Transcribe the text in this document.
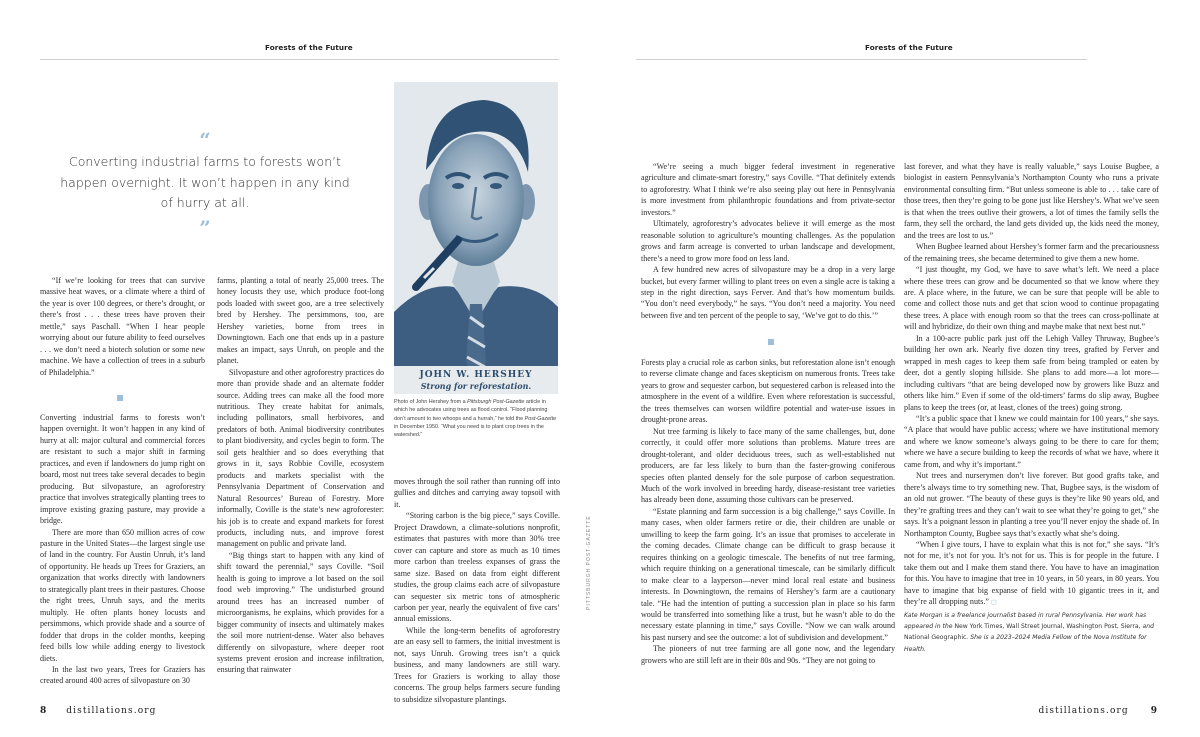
Forests of the Future
“
Converting industrial farms to forests won’t happen overnight. It won’t happen in any kind of hurry at all.
”

“If we’re looking for trees that can survive massive heat waves, or a climate where a third of the year is over 100 degrees, or there’s drought, or there’s frost . . . these trees have proven their mettle,” says Paschall. “When I hear people worrying about our future ability to feed ourselves . . . we don’t need a biotech solution or some new machine. We have a collection of trees in a suburb of Philadelphia.”

Converting industrial farms to forests won’t happen overnight. It won’t happen in any kind of hurry at all: major cultural and commercial forces are resistant to such a major shift in farming practices, and even if landowners do jump right on board, most nut trees take several decades to begin producing. But silvopasture, an agroforestry practice that involves strategically planting trees to improve existing grazing pasture, may provide a bridge.

There are more than 650 million acres of cow pasture in the United States—the largest single use of land in the country. For Austin Unruh, it’s land of opportunity. He heads up Trees for Graziers, an organization that works directly with landowners to strategically plant trees in their pastures. Choose the right trees, Unruh says, and the merits multiply. He often plants honey locusts and persimmons, which provide shade and a source of fodder that drops in the colder months, keeping feed bills low while adding energy to livestock diets.

In the last two years, Trees for Graziers has created around 400 acres of silvopasture on 30

farms, planting a total of nearly 25,000 trees. The honey locusts they use, which produce foot-long pods loaded with sweet goo, are a tree selectively bred by Hershey. The persimmons, too, are Hershey varieties, borne from trees in Downingtown. Each one that ends up in a pasture makes an impact, says Unruh, on people and the planet.

Silvopasture and other agroforestry practices do more than provide shade and an alternate fodder source. Adding trees can make all the food more nutritious. They create habitat for animals, including pollinators, small herbivores, and predators of both. Animal biodiversity contributes to plant biodiversity, and cycles begin to form. The soil gets healthier and so does everything that grows in it, says Robbie Coville, ecosystem products and markets specialist with the Pennsylvania Department of Conservation and Natural Resources’ Bureau of Forestry. More informally, Coville is the state’s new agroforester: his job is to create and expand markets for forest products, including nuts, and improve forest management on public and private land.

“Big things start to happen with any kind of shift toward the perennial,” says Coville. “Soil health is going to improve a lot based on the soil food web improving.” The undisturbed ground around trees has an increased number of microorganisms, he explains, which provides for a bigger community of insects and ultimately makes the soil more nutrient-dense. Water also behaves differently on silvopasture, where deeper root systems prevent erosion and increase infiltration, ensuring that rainwater

JOHN W. HERSHEY
Strong for reforestation.
Photo of John Hershey from a Pittsburgh Post-Gazette article in which he advocates using trees as flood control. “Flood planning don’t amount to two whoops and a hurrah,” he told the Post-Gazette in December 1950. “What you need is to plant crop trees in the watershed.”
PITTSBURGH POST-GAZETTE

moves through the soil rather than running off into gullies and ditches and carrying away topsoil with it.

“Storing carbon is the big piece,” says Coville. Project Drawdown, a climate-solutions nonprofit, estimates that pastures with more than 30% tree cover can capture and store as much as 10 times more carbon than treeless expanses of grass the same size. Based on data from eight different studies, the group claims each acre of silvopasture can sequester six metric tons of atmospheric carbon per year, nearly the equivalent of five cars’ annual emissions.

While the long-term benefits of agroforestry are an easy sell to farmers, the initial investment is not, says Unruh. Growing trees isn’t a quick business, and many landowners are still wary. Trees for Graziers is working to allay those concerns. The group helps farmers secure funding to subsidize silvopasture plantings.

8 distillations.org
Forests of the Future

“We’re seeing a much bigger federal investment in regenerative agriculture and climate-smart forestry,” says Coville. “That definitely extends to agroforestry. What I think we’re also seeing play out here in Pennsylvania is more investment from philanthropic foundations and from private-sector investors.”

Ultimately, agroforestry’s advocates believe it will emerge as the most reasonable solution to agriculture’s mounting challenges. As the population grows and farm acreage is converted to urban landscape and development, there’s a need to grow more food on less land.

A few hundred new acres of silvopasture may be a drop in a very large bucket, but every farmer willing to plant trees on even a single acre is taking a step in the right direction, says Ferver. And that’s how momentum builds. “You don’t need everybody,” he says. “You don’t need a majority. You need between five and ten percent of the people to say, ‘We’ve got to do this.’”

Forests play a crucial role as carbon sinks, but reforestation alone isn’t enough to reverse climate change and faces skepticism on numerous fronts. Trees take years to grow and sequester carbon, but sequestered carbon is released into the atmosphere in the event of a wildfire. Even where reforestation is successful, the trees themselves can worsen wildfire potential and water-use issues in drought-prone areas.

Nut tree farming is likely to face many of the same challenges, but, done correctly, it could offer more solutions than problems. Mature trees are drought-tolerant, and older deciduous trees, such as well-established nut producers, are far less likely to burn than the faster-growing coniferous species often planted densely for the sole purpose of carbon sequestration. Much of the work involved in breeding hardy, disease-resistant tree varieties has already been done, assuming those cultivars can be preserved.

“Estate planning and farm succession is a big challenge,” says Coville. In many cases, when older farmers retire or die, their children are unable or unwilling to keep the farm going. It’s an issue that promises to accelerate in the coming decades. Climate change can be difficult to grasp because it requires thinking on a geologic timescale. The benefits of nut tree farming, which require thinking on a generational timescale, can be similarly difficult to make clear to a layperson—never mind local real estate and business interests. In Downingtown, the remains of Hershey’s farm are a cautionary tale. “He had the intention of putting a succession plan in place so his farm would be transferred into something like a trust, but he wasn’t able to do the necessary estate planning in time,” says Coville. “Now we can walk around his past nursery and see the outcome: a lot of subdivision and development.”

The pioneers of nut tree farming are all gone now, and the legendary growers who are still left are in their 80s and 90s. “They are not going to

last forever, and what they have is really valuable,” says Louise Bugbee, a biologist in eastern Pennsylvania’s Northampton County who runs a private environmental consulting firm. “But unless someone is able to . . . take care of those trees, then they’re going to be gone just like Hershey’s. What we’ve seen is that when the trees outlive their growers, a lot of times the family sells the farm, they sell the orchard, the land gets divided up, the kids need the money, and the trees are lost to us.”

When Bugbee learned about Hershey’s former farm and the precariousness of the remaining trees, she became determined to give them a new home.

“I just thought, my God, we have to save what’s left. We need a place where these trees can grow and be documented so that we know where they are. A place where, in the future, we can be sure that people will be able to come and collect those nuts and get that scion wood to continue propagating these trees. A place with enough room so that the trees can cross-pollinate at will and hybridize, do their own thing and maybe make that next best nut.”

In a 100-acre public park just off the Lehigh Valley Thruway, Bugbee’s building her own ark. Nearly five dozen tiny trees, grafted by Ferver and wrapped in mesh cages to keep them safe from being trampled or eaten by deer, dot a gently sloping hillside. She plans to add more—a lot more—including cultivars “that are being developed now by growers like Buzz and others like him.” Even if some of the old-timers’ farms do slip away, Bugbee plans to keep the trees (or, at least, clones of the trees) going strong.

“It’s a public space that I knew we could maintain for 100 years,” she says. “A place that would have public access; where we have institutional memory and where we know someone’s always going to be there to care for them; where we have a secure building to keep the records of what we have, where it came from, and why it’s important.”

Nut trees and nurserymen don’t live forever. But good grafts take, and there’s always time to try something new. That, Bugbee says, is the wisdom of an old nut grower. “The beauty of these guys is they’re like 90 years old, and they’re grafting trees and they can’t wait to see what they’re going to get,” she says. It’s a poignant lesson in planting a tree you’ll never enjoy the shade of. In Northampton County, Bugbee says that’s exactly what she’s doing.

“When I give tours, I have to explain what this is not for,” she says. “It’s not for me, it’s not for you. It’s not for us. This is for people in the future. I take them out and I make them stand there. You have to have an imagination for this. You have to imagine that tree in 10 years, in 50 years, in 80 years. You have to imagine that big expanse of field with 10 gigantic trees in it, and they’re all dropping nuts.” ◻

Kate Morgan is a freelance journalist based in rural Pennsylvania. Her work has appeared in the New York Times, Wall Street Journal, Washington Post, Sierra, and National Geographic. She is a 2023–2024 Media Fellow of the Nova Institute for Health.
distillations.org 9
